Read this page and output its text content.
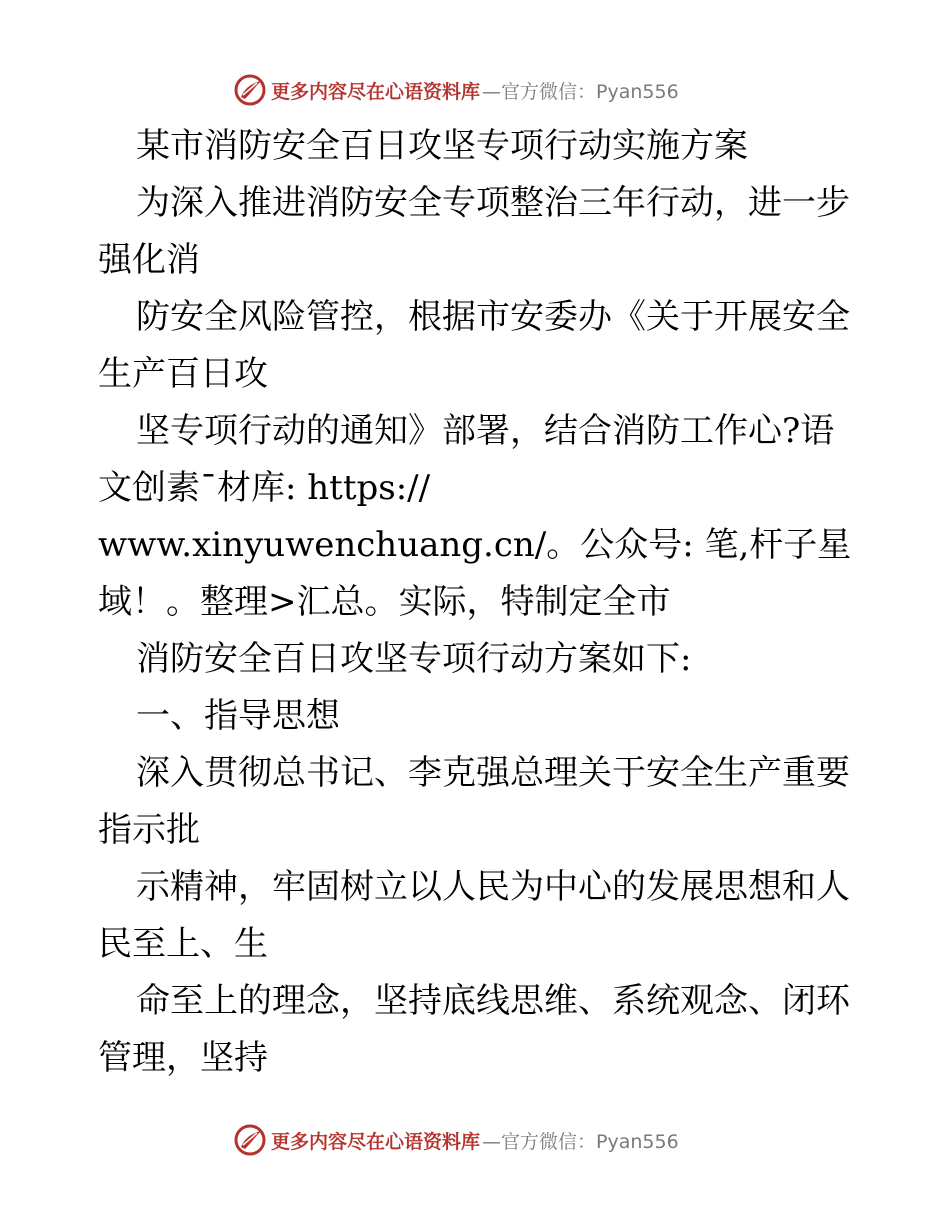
更多内容尽在心语资料库 —官方微信：Pyan556
某市消防安全百日攻坚专项行动实施方案
为深入推进消防安全专项整治三年行动，进一步
强化消
防安全风险管控，根据市安委办《关于开展安全
生产百日攻
坚专项行动的通知》部署，结合消防工作心?语
文创素¯材库: https://
www.xinyuwenchuang.cn/。公众号: 笔,杆子星
域！。整理>汇总。实际，特制定全市
消防安全百日攻坚专项行动方案如下:
一、指导思想
深入贯彻总书记、李克强总理关于安全生产重要
指示批
示精神，牢固树立以人民为中心的发展思想和人
民至上、生
命至上的理念，坚持底线思维、系统观念、闭环
管理，坚持
更多内容尽在心语资料库 —官方微信：Pyan556
